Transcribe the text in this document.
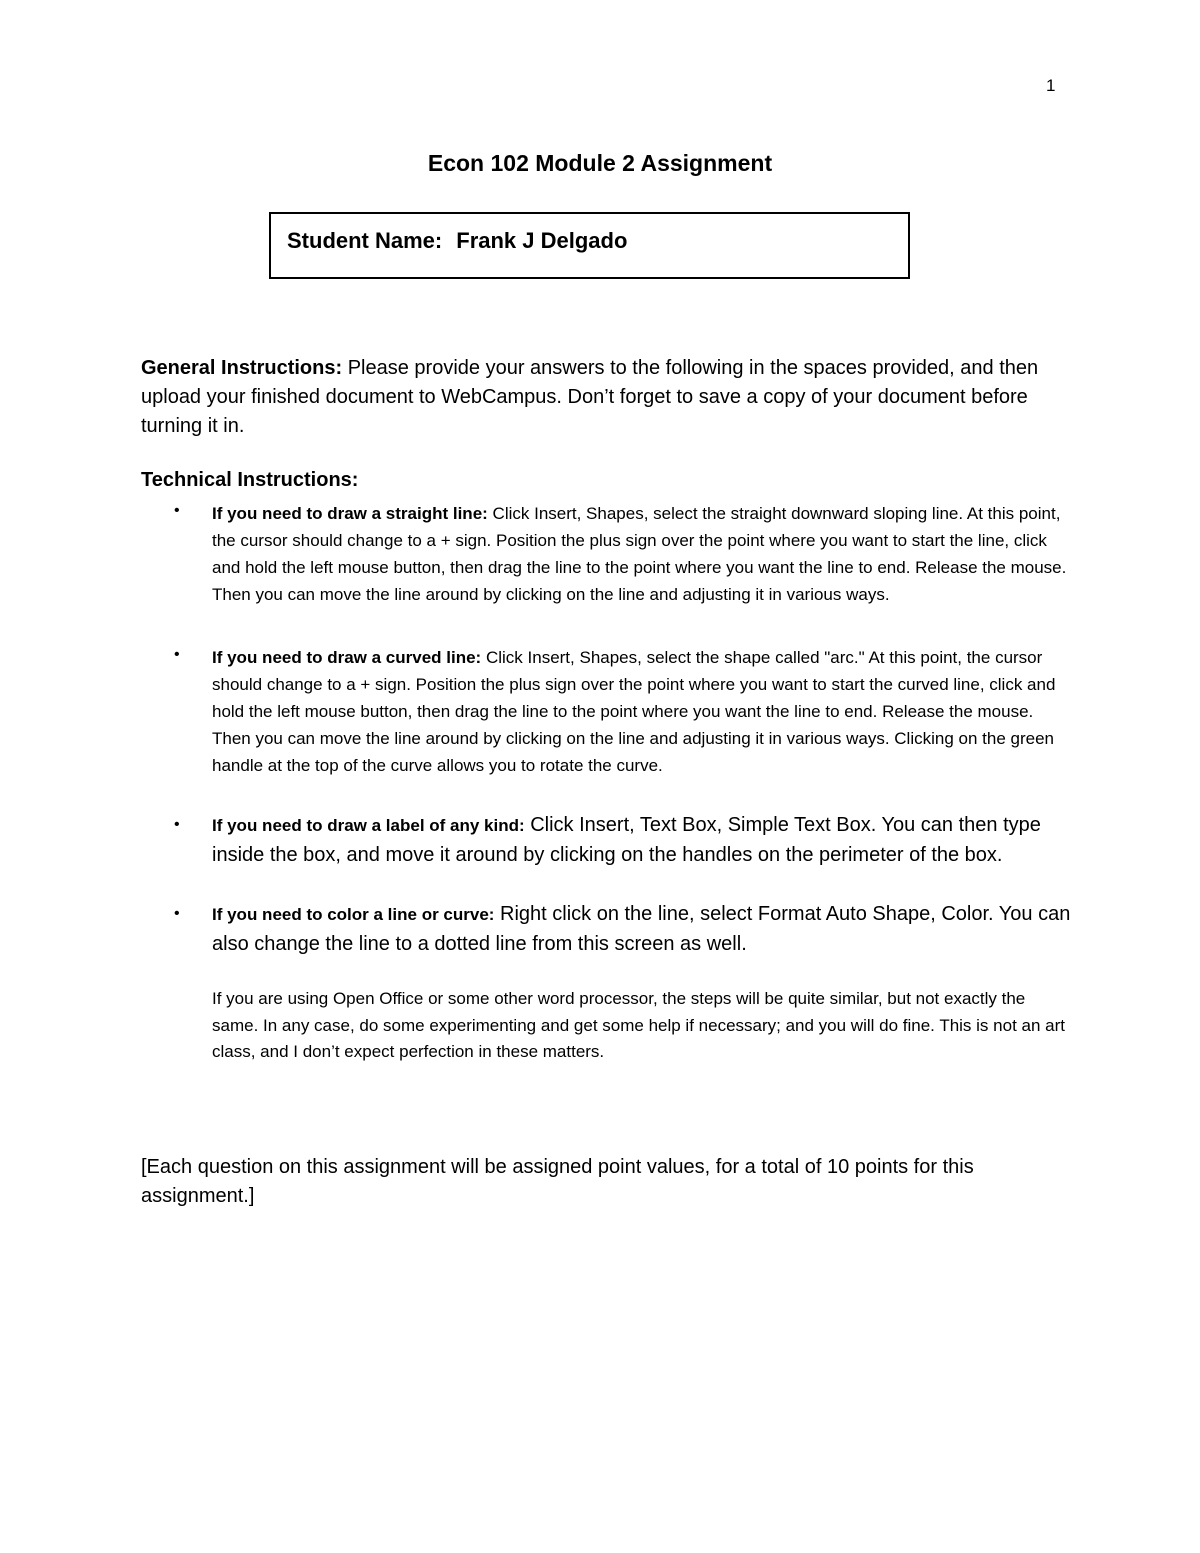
1
Econ 102 Module 2 Assignment
Student Name: Frank J Delgado
General Instructions: Please provide your answers to the following in the spaces provided, and then upload your finished document to WebCampus. Don’t forget to save a copy of your document before turning it in.
Technical Instructions:
• If you need to draw a straight line: Click Insert, Shapes, select the straight downward sloping line. At this point, the cursor should change to a + sign. Position the plus sign over the point where you want to start the line, click and hold the left mouse button, then drag the line to the point where you want the line to end. Release the mouse. Then you can move the line around by clicking on the line and adjusting it in various ways.
• If you need to draw a curved line: Click Insert, Shapes, select the shape called "arc." At this point, the cursor should change to a + sign. Position the plus sign over the point where you want to start the curved line, click and hold the left mouse button, then drag the line to the point where you want the line to end. Release the mouse. Then you can move the line around by clicking on the line and adjusting it in various ways. Clicking on the green handle at the top of the curve allows you to rotate the curve.
• If you need to draw a label of any kind: Click Insert, Text Box, Simple Text Box. You can then type inside the box, and move it around by clicking on the handles on the perimeter of the box.
• If you need to color a line or curve: Right click on the line, select Format Auto Shape, Color. You can also change the line to a dotted line from this screen as well.
If you are using Open Office or some other word processor, the steps will be quite similar, but not exactly the same. In any case, do some experimenting and get some help if necessary; and you will do fine. This is not an art class, and I don’t expect perfection in these matters.
[Each question on this assignment will be assigned point values, for a total of 10 points for this assignment.]
